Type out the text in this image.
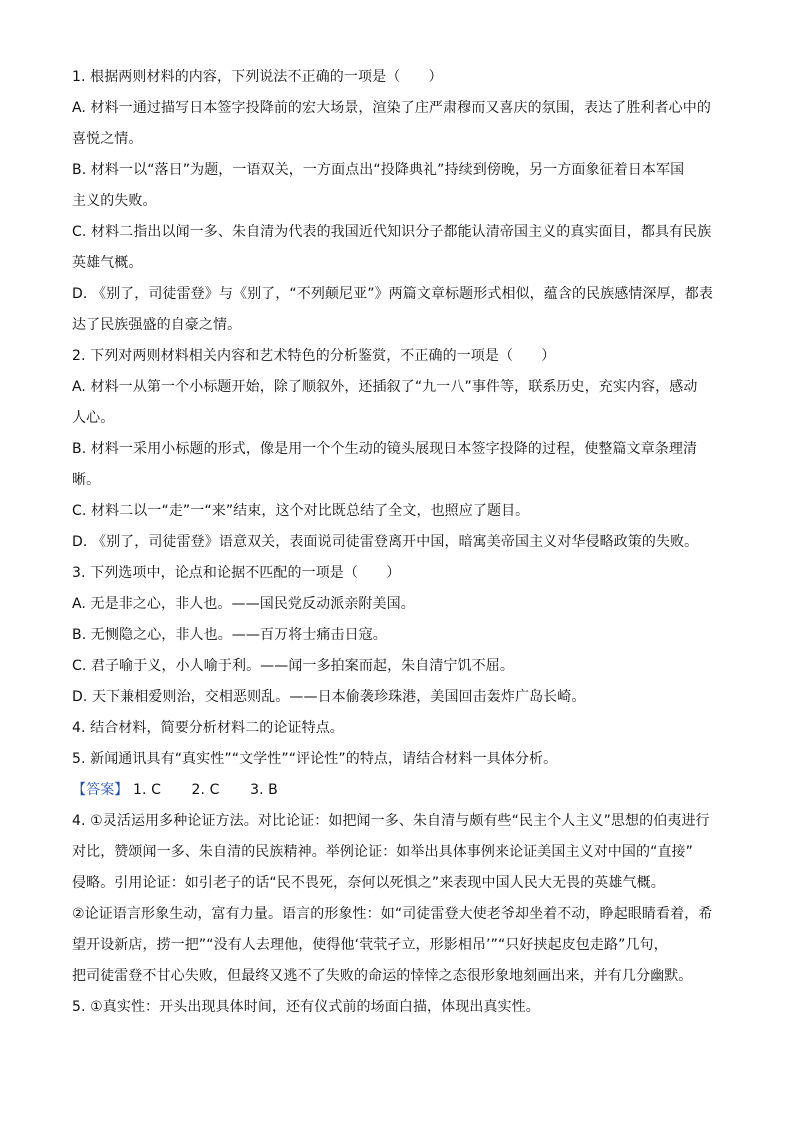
1. 根据两则材料的内容，下列说法不正确的一项是（　　）
A. 材料一通过描写日本签字投降前的宏大场景，渲染了庄严肃穆而又喜庆的氛围，表达了胜利者心中的
喜悦之情。
B. 材料一以“落日”为题，一语双关，一方面点出“投降典礼”持续到傍晚，另一方面象征着日本军国
主义的失败。
C. 材料二指出以闻一多、朱自清为代表的我国近代知识分子都能认清帝国主义的真实面目，都具有民族
英雄气概。
D. 《别了，司徒雷登》与《别了，“不列颠尼亚”》两篇文章标题形式相似，蕴含的民族感情深厚，都表
达了民族强盛的自豪之情。
2. 下列对两则材料相关内容和艺术特色的分析鉴赏，不正确的一项是（　　）
A. 材料一从第一个小标题开始，除了顺叙外，还插叙了“九一八”事件等，联系历史，充实内容，感动
人心。
B. 材料一采用小标题的形式，像是用一个个生动的镜头展现日本签字投降的过程，使整篇文章条理清
晰。
C. 材料二以一“走”一“来”结束，这个对比既总结了全文，也照应了题目。
D. 《别了，司徒雷登》语意双关，表面说司徒雷登离开中国，暗寓美帝国主义对华侵略政策的失败。
3. 下列选项中，论点和论据不匹配的一项是（　　）
A. 无是非之心，非人也。——国民党反动派亲附美国。
B. 无恻隐之心，非人也。——百万将士痛击日寇。
C. 君子喻于义，小人喻于利。——闻一多拍案而起，朱自清宁饥不屈。
D. 天下兼相爱则治，交相恶则乱。——日本偷袭珍珠港，美国回击轰炸广岛长崎。
4. 结合材料，简要分析材料二的论证特点。
5. 新闻通讯具有“真实性”“文学性”“评论性”的特点，请结合材料一具体分析。
【答案】 1. C 2. C 3. B
4. ①灵活运用多种论证方法。对比论证：如把闻一多、朱自清与颇有些“民主个人主义”思想的伯夷进行
对比，赞颂闻一多、朱自清的民族精神。举例论证：如举出具体事例来论证美国主义对中国的“直接”
侵略。引用论证：如引老子的话“民不畏死，奈何以死惧之”来表现中国人民大无畏的英雄气概。
②论证语言形象生动，富有力量。语言的形象性：如“司徒雷登大使老爷却坐着不动，睁起眼睛看着，希
望开设新店，捞一把”“没有人去理他，使得他‘茕茕孑立，形影相吊’”“只好挟起皮包走路”几句，
把司徒雷登不甘心失败，但最终又逃不了失败的命运的悻悻之态很形象地刻画出来，并有几分幽默。
5. ①真实性：开头出现具体时间，还有仪式前的场面白描，体现出真实性。
